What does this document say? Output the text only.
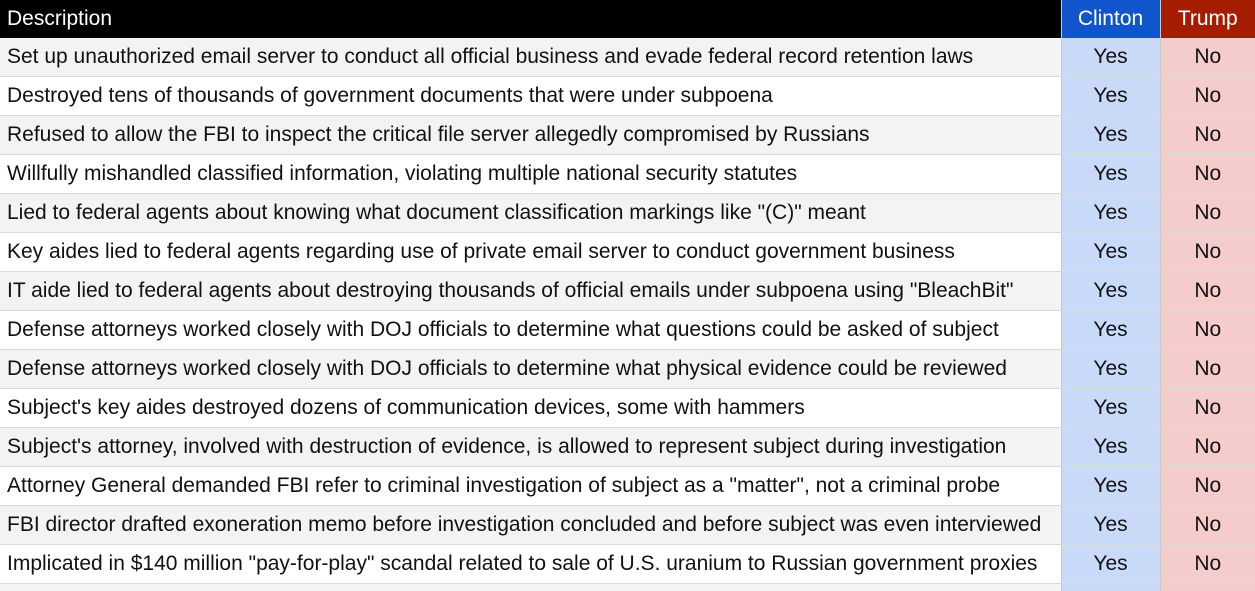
Description	Clinton	Trump
Set up unauthorized email server to conduct all official business and evade federal record retention laws	Yes	No
Destroyed tens of thousands of government documents that were under subpoena	Yes	No
Refused to allow the FBI to inspect the critical file server allegedly compromised by Russians	Yes	No
Willfully mishandled classified information, violating multiple national security statutes	Yes	No
Lied to federal agents about knowing what document classification markings like "(C)" meant	Yes	No
Key aides lied to federal agents regarding use of private email server to conduct government business	Yes	No
IT aide lied to federal agents about destroying thousands of official emails under subpoena using "BleachBit"	Yes	No
Defense attorneys worked closely with DOJ officials to determine what questions could be asked of subject	Yes	No
Defense attorneys worked closely with DOJ officials to determine what physical evidence could be reviewed	Yes	No
Subject's key aides destroyed dozens of communication devices, some with hammers	Yes	No
Subject's attorney, involved with destruction of evidence, is allowed to represent subject during investigation	Yes	No
Attorney General demanded FBI refer to criminal investigation of subject as a "matter", not a criminal probe	Yes	No
FBI director drafted exoneration memo before investigation concluded and before subject was even interviewed	Yes	No
Implicated in $140 million "pay-for-play" scandal related to sale of U.S. uranium to Russian government proxies	Yes	No
